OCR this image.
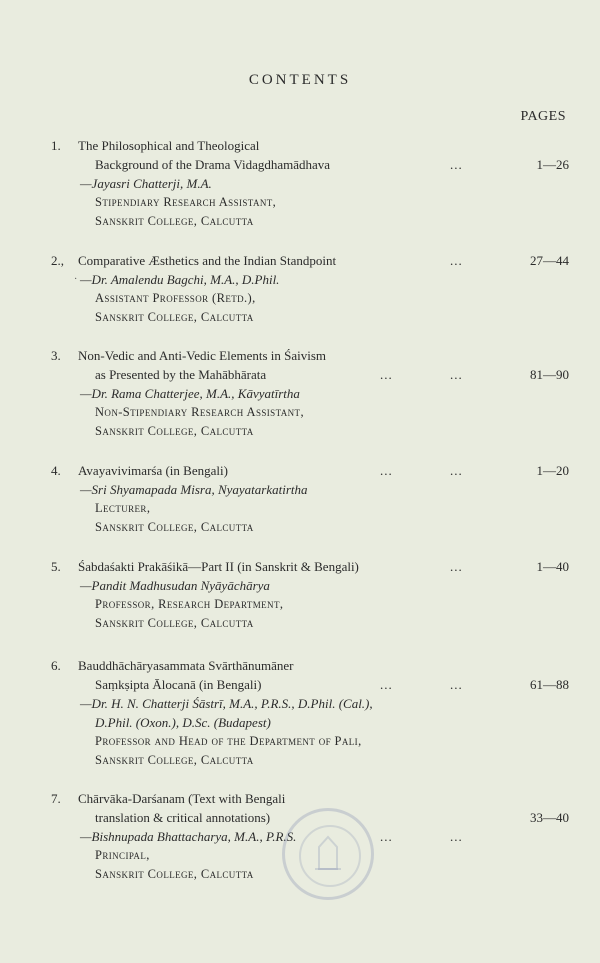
CONTENTS
PAGES
1. The Philosophical and Theological
Background of the Drama Vidagdhamādhava	...	1—26
—Jayasri Chatterji, M.A.
Stipendiary Research Assistant,
Sanskrit College, Calcutta
2., Comparative Æsthetics and the Indian Standpoint	...	27—44
· —Dr. Amalendu Bagchi, M.A., D.Phil.
Assistant Professor (Retd.),
Sanskrit College, Calcutta
3. Non-Vedic and Anti-Vedic Elements in Śaivism
as Presented by the Mahābhārata	...	...	81—90
—Dr. Rama Chatterjee, M.A., Kāvyatīrtha
Non-Stipendiary Research Assistant,
Sanskrit College, Calcutta
4. Avayavivimarśa (in Bengali)	...	...	1—20
—Sri Shyamapada Misra, Nyayatarkatirtha
Lecturer,
Sanskrit College, Calcutta
5. Śabdaśakti Prakāśikā—Part II (in Sanskrit & Bengali)	...	1—40
—Pandit Madhusudan Nyāyāchārya
Professor, Research Department,
Sanskrit College, Calcutta
6. Bauddhāchāryasammata Svārthānumāner
Saṃkṣipta Ālocanā (in Bengali)	...	...	61—88
—Dr. H. N. Chatterji Śāstrī, M.A., P.R.S., D.Phil. (Cal.),
D.Phil. (Oxon.), D.Sc. (Budapest)
Professor and Head of the Department of Pali,
Sanskrit College, Calcutta
7. Chārvāka-Darśanam (Text with Bengali
translation & critical annotations)	33—40
—Bishnupada Bhattacharya, M.A., P.R.S.	...	...
Principal,
Sanskrit College, Calcutta
